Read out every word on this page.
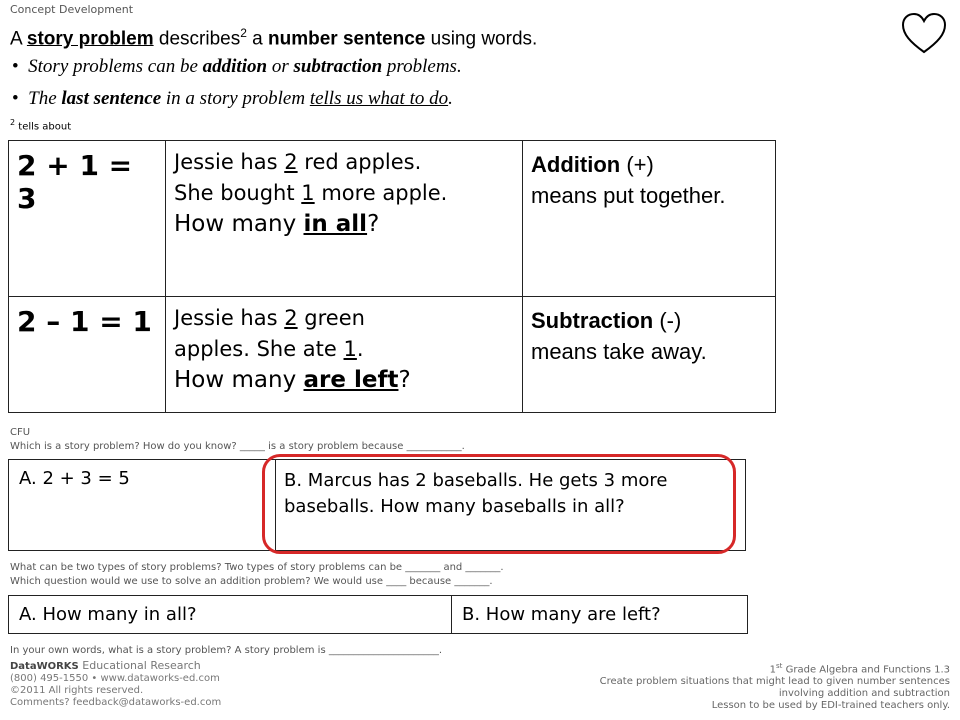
Concept Development
A story problem describes$^2$ a number sentence using words.
•  Story problems can be addition or subtraction problems.
•  The last sentence in a story problem tells us what to do.
$^2$ tells about
2 + 1 = 3	Jessie has 2 red apples.
She bought 1 more apple.
How many in all?	Addition (+)
means put together.
2 – 1 = 1	Jessie has 2 green
apples. She ate 1.
How many are left?	Subtraction (-)
means take away.
CFU
Which is a story problem? How do you know? _____ is a story problem because ___________.
A. 2 + 3 = 5	B. Marcus has 2 baseballs. He gets 3 more baseballs. How many baseballs in all?
What can be two types of story problems? Two types of story problems can be _______ and _______.
Which question would we use to solve an addition problem? We would use ____ because _______.
A. How many in all?	B. How many are left?
In your own words, what is a story problem? A story problem is ______________________.
DataWORKS Educational Research
(800) 495-1550 • www.dataworks-ed.com
©2011 All rights reserved.
Comments? feedback@dataworks-ed.com
1st Grade Algebra and Functions 1.3
Create problem situations that might lead to given number sentences
involving addition and subtraction
Lesson to be used by EDI-trained teachers only.
